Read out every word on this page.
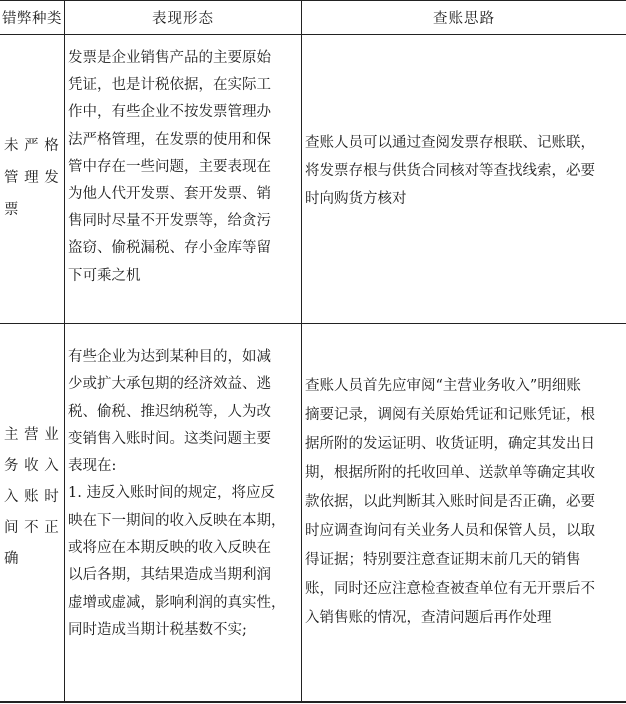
错弊种类	表现形态	查账思路
未 严 格
管 理 发
票
发票是企业销售产品的主要原始
凭证，也是计税依据，在实际工
作中，有些企业不按发票管理办
法严格管理，在发票的使用和保
管中存在一些问题，主要表现在
为他人代开发票、套开发票、销
售同时尽量不开发票等，给贪污
盗窃、偷税漏税、存小金库等留
下可乘之机
查账人员可以通过查阅发票存根联、记账联，
将发票存根与供货合同核对等查找线索，必要
时向购货方核对
主 营 业
务 收 入
入 账 时
间 不 正
确
有些企业为达到某种目的，如减
少或扩大承包期的经济效益、逃
税、偷税、推迟纳税等，人为改
变销售入账时间。这类问题主要
表现在:
1. 违反入账时间的规定，将应反
映在下一期间的收入反映在本期，
或将应在本期反映的收入反映在
以后各期，其结果造成当期利润
虚增或虚减，影响利润的真实性，
同时造成当期计税基数不实;
查账人员首先应审阅“主营业务收入”明细账
摘要记录，调阅有关原始凭证和记账凭证，根
据所附的发运证明、收货证明，确定其发出日
期，根据所附的托收回单、送款单等确定其收
款依据，以此判断其入账时间是否正确，必要
时应调查询问有关业务人员和保管人员，以取
得证据；特别要注意查证期末前几天的销售
账，同时还应注意检查被查单位有无开票后不
入销售账的情况，查清问题后再作处理
